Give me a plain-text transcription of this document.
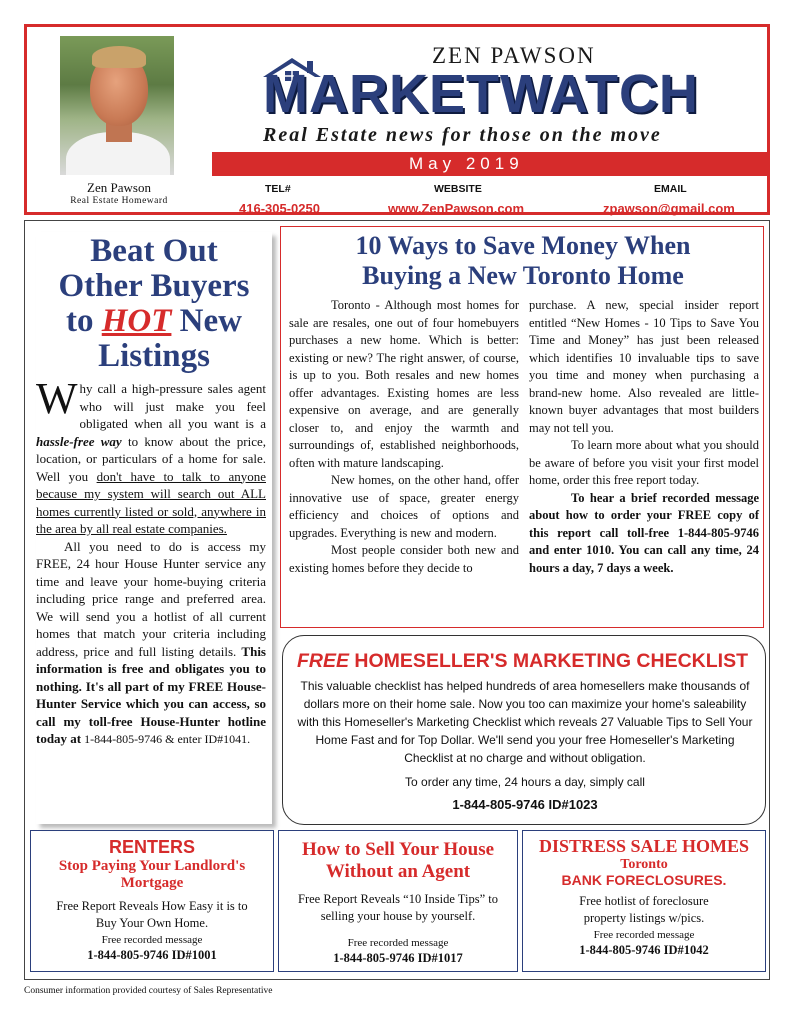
Zen Pawson
Real Estate Homeward
ZEN PAWSON
MARKETWATCH
Real Estate news for those on the move
May 2019
TEL#
416-305-0250
WEBSITE
www.ZenPawson.com
EMAIL
zpawson@gmail.com
Beat Out
Other Buyers
to HOT New
Listings

Why call a high-pressure sales agent who will just make you feel obligated when all you want is a hassle-free way to know about the price, location, or particulars of a home for sale. Well you don't have to talk to anyone because my system will search out ALL homes currently listed or sold, anywhere in the area by all real estate companies.

All you need to do is access my FREE, 24 hour House Hunter service any time and leave your home-buying criteria including price range and preferred area. We will send you a hotlist of all current homes that match your criteria including address, price and full listing details. This information is free and obligates you to nothing. It's all part of my FREE House-Hunter Service which you can access, so call my toll-free House-Hunter hotline today at 1-844-805-9746 & enter ID#1041.

10 Ways to Save Money When
Buying a New Toronto Home

Toronto - Although most homes for sale are resales, one out of four homebuyers purchases a new home. Which is better: existing or new? The right answer, of course, is up to you. Both resales and new homes offer advantages. Existing homes are less expensive on average, and are generally closer to, and enjoy the warmth and surroundings of, established neighborhoods, often with mature landscaping.

New homes, on the other hand, offer innovative use of space, greater energy efficiency and choices of options and upgrades. Everything is new and modern.

Most people consider both new and existing homes before they decide to

purchase. A new, special insider report entitled “New Homes - 10 Tips to Save You Time and Money” has just been released which identifies 10 invaluable tips to save you time and money when purchasing a brand-new home. Also revealed are little-known buyer advantages that most builders may not tell you.

To learn more about what you should be aware of before you visit your first model home, order this free report today.

To hear a brief recorded message about how to order your FREE copy of this report call toll-free 1-844-805-9746 and enter 1010. You can call any time, 24 hours a day, 7 days a week.

FREE HOMESELLER'S MARKETING CHECKLIST
This valuable checklist has helped hundreds of area homesellers make thousands of dollars more on their home sale. Now you too can maximize your home's saleability with this Homeseller's Marketing Checklist which reveals 27 Valuable Tips to Sell Your Home Fast and for Top Dollar. We'll send you your free Homeseller's Marketing Checklist at no charge and without obligation.
To order any time, 24 hours a day, simply call
1-844-805-9746 ID#1023
RENTERS
Stop Paying Your Landlord's
Mortgage
Free Report Reveals How Easy it is to
Buy Your Own Home.
Free recorded message
1-844-805-9746 ID#1001
How to Sell Your House
Without an Agent
Free Report Reveals “10 Inside Tips” to
selling your house by yourself.
Free recorded message
1-844-805-9746 ID#1017
DISTRESS SALE HOMES
Toronto
BANK FORECLOSURES.
Free hotlist of foreclosure
property listings w/pics.
Free recorded message
1-844-805-9746 ID#1042
Consumer information provided courtesy of Sales Representative
